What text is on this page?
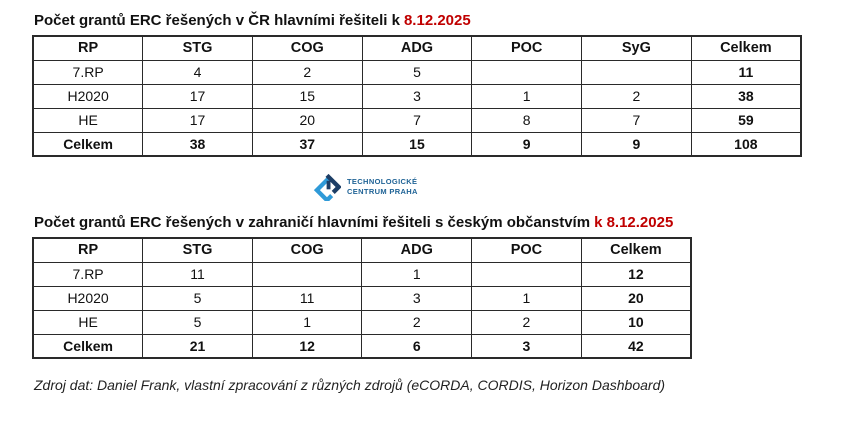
Počet grantů ERC řešených v ČR hlavními řešiteli k 8.12.2025
RP	STG	COG	ADG	POC	SyG	Celkem
7.RP	4	2	5			11
H2020	17	15	3	1	2	38
HE	17	20	7	8	7	59
Celkem	38	37	15	9	9	108
TECHNOLOGICKÉ
CENTRUM PRAHA
Počet grantů ERC řešených v zahraničí hlavními řešiteli s českým občanstvím k 8.12.2025
RP	STG	COG	ADG	POC	Celkem
7.RP	11		1		12
H2020	5	11	3	1	20
HE	5	1	2	2	10
Celkem	21	12	6	3	42

Zdroj dat: Daniel Frank, vlastní zpracování z různých zdrojů (eCORDA, CORDIS, Horizon Dashboard)
